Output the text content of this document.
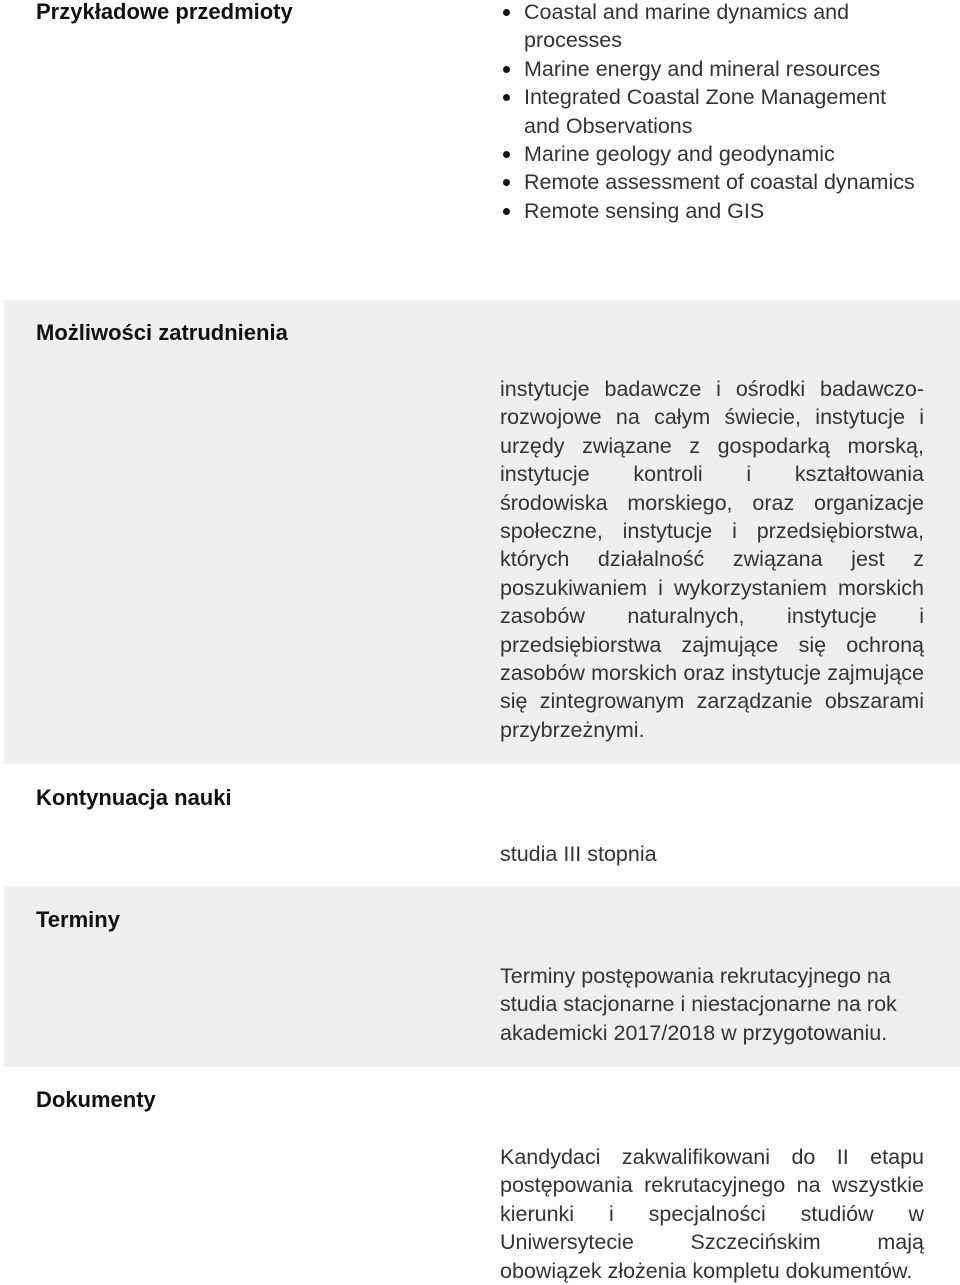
Przykładowe przedmioty	Coastal and marine dynamics and processes
Marine energy and mineral resources
Integrated Coastal Zone Management and Observations
Marine geology and geodynamic
Remote assessment of coastal dynamics
Remote sensing and GIS
Możliwości zatrudnienia
instytucje badawcze i ośrodki badawczo-rozwojowe na całym świecie, instytucje i urzędy związane z gospodarką morską, instytucje kontroli i kształtowania środowiska morskiego, oraz organizacje społeczne, instytucje i przedsiębiorstwa, których działalność związana jest z poszukiwaniem i wykorzystaniem morskich zasobów naturalnych, instytucje i przedsiębiorstwa zajmujące się ochroną zasobów morskich oraz instytucje zajmujące się zintegrowanym zarządzanie obszarami przybrzeżnymi.
Kontynuacja nauki
studia III stopnia
Terminy
Terminy postępowania rekrutacyjnego na studia stacjonarne i niestacjonarne na rok akademicki 2017/2018 w przygotowaniu.
Dokumenty
Kandydaci zakwalifikowani do II etapu postępowania rekrutacyjnego na wszystkie kierunki i specjalności studiów w Uniwersytecie Szczecińskim mają obowiązek złożenia kompletu dokumentów.
